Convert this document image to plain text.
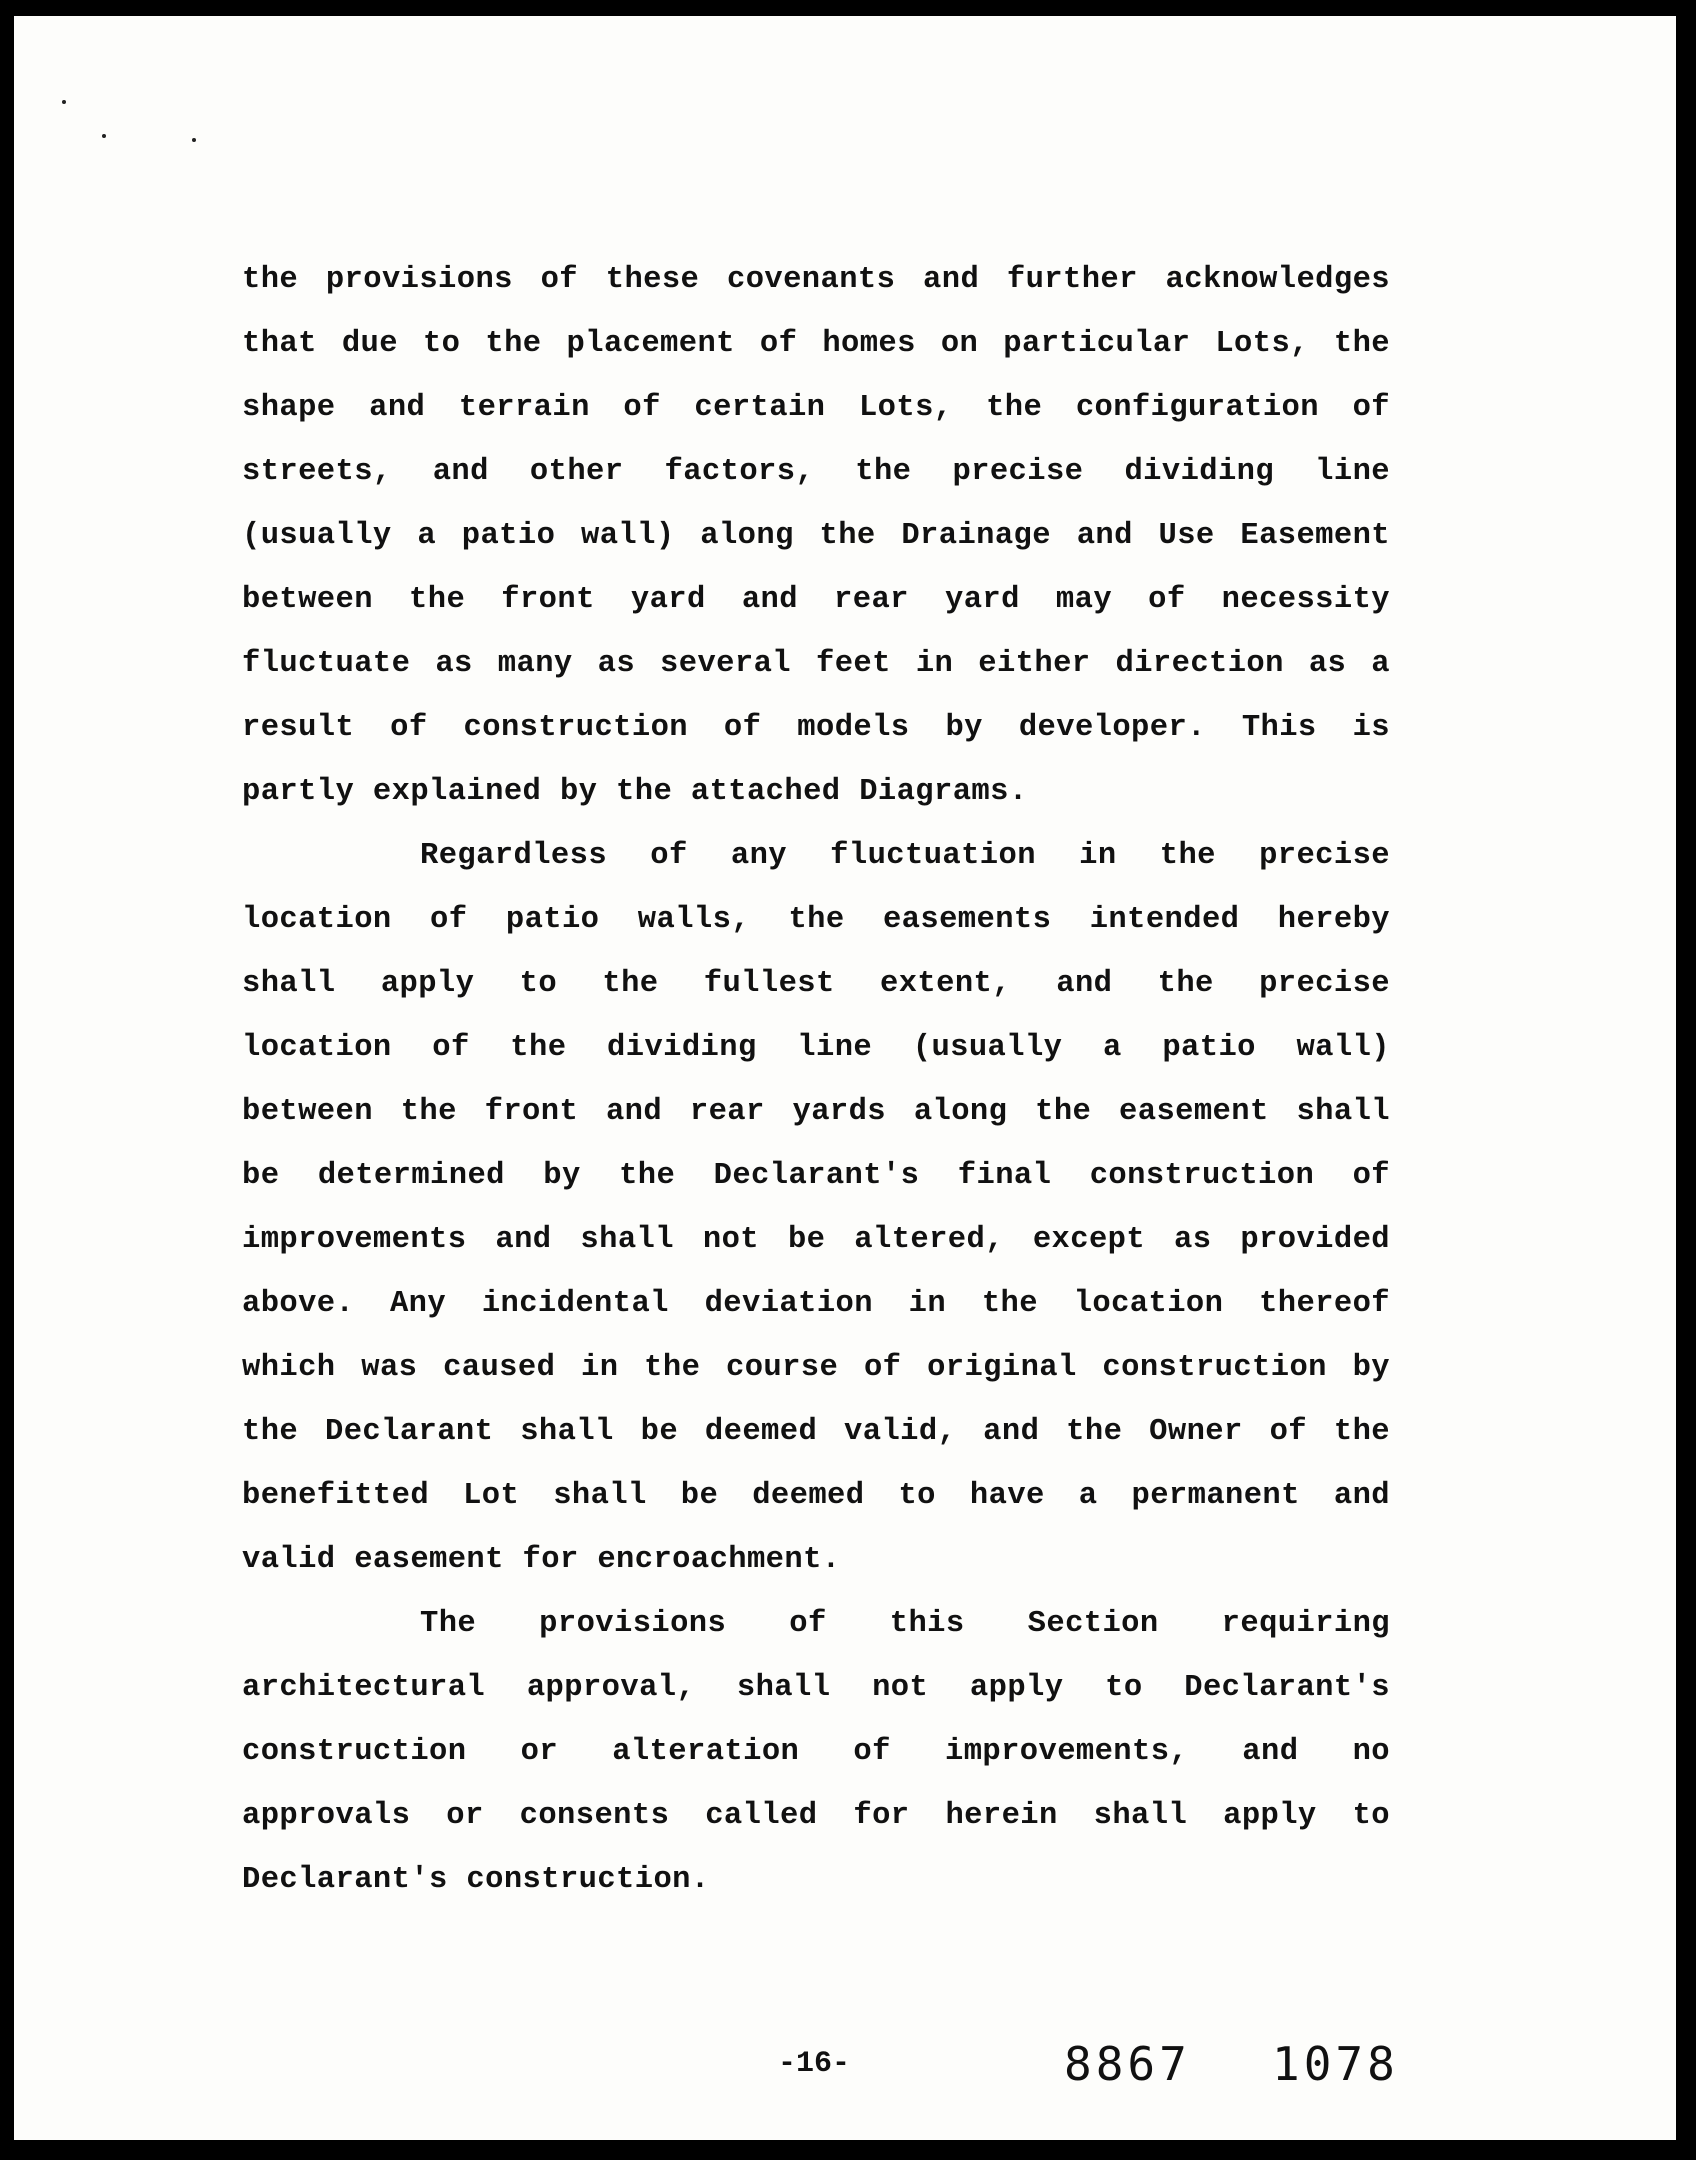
the provisions of these covenants and further acknowledges
that due to the placement of homes on particular Lots, the
shape and terrain of certain Lots, the configuration of
streets, and other factors, the precise dividing line
(usually a patio wall) along the Drainage and Use Easement
between the front yard and rear yard may of necessity
fluctuate as many as several feet in either direction as a
result of construction of models by developer. This is
partly explained by the attached Diagrams.
Regardless of any fluctuation in the precise
location of patio walls, the easements intended hereby
shall apply to the fullest extent, and the precise
location of the dividing line (usually a patio wall)
between the front and rear yards along the easement shall
be determined by the Declarant's final construction of
improvements and shall not be altered, except as provided
above. Any incidental deviation in the location thereof
which was caused in the course of original construction by
the Declarant shall be deemed valid, and the Owner of the
benefitted Lot shall be deemed to have a permanent and
valid easement for encroachment.
The provisions of this Section requiring
architectural approval, shall not apply to Declarant's
construction or alteration of improvements, and no
approvals or consents called for herein shall apply to
Declarant's construction.
-16-	8867 1078
